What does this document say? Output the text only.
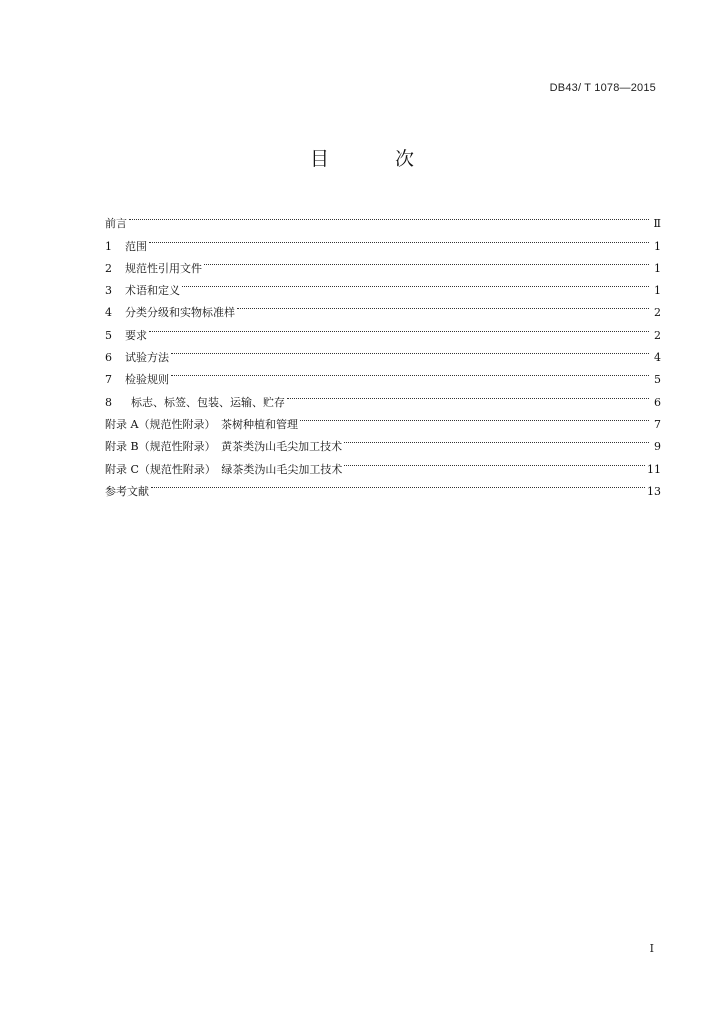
DB43/ T 1078—2015
目 次
前言	Ⅱ
1	范围	1
2	规范性引用文件	1
3	术语和定义	1
4	分类分级和实物标准样	2
5	要求	2
6	试验方法	4
7	检验规则	5
8	标志、标签、包装、运输、贮存	6
附录 A（规范性附录）　茶树种植和管理	7
附录 B（规范性附录）　黄茶类沩山毛尖加工技术	9
附录 C（规范性附录）　绿茶类沩山毛尖加工技术	11
参考文献	13
I
